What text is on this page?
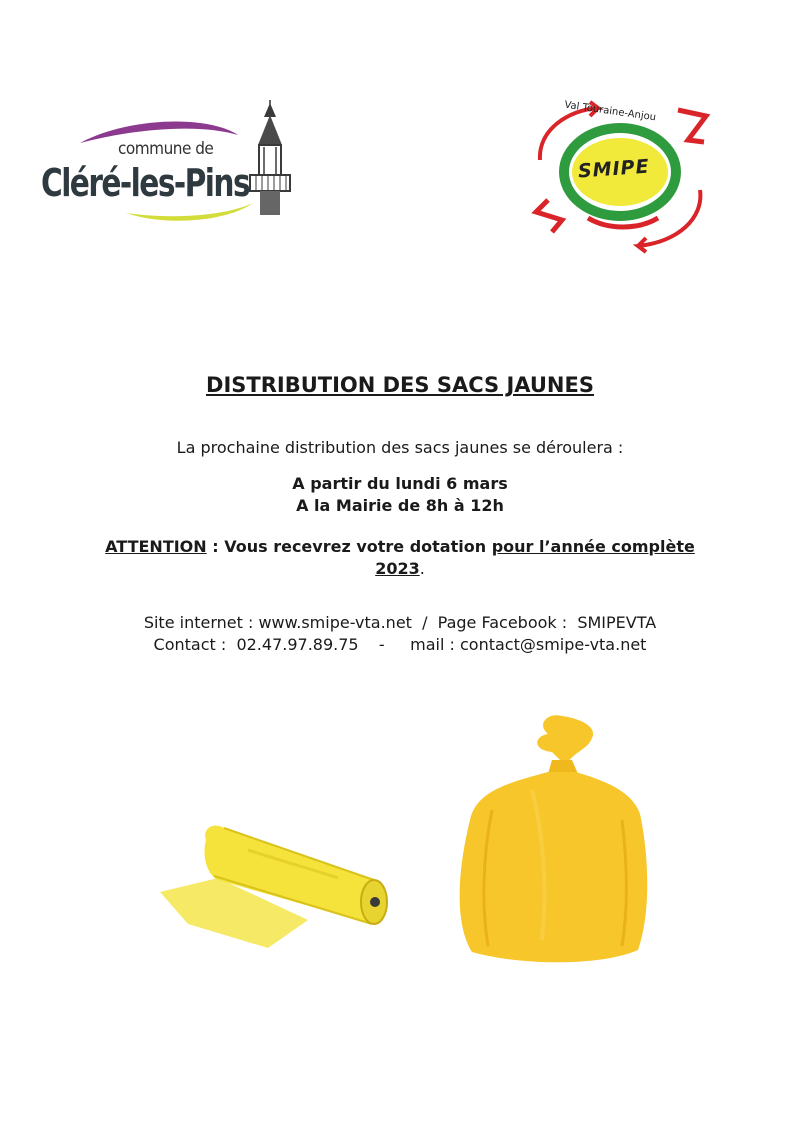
commune de
Cléré-les-Pins
Val Touraine-Anjou
SMIPE
DISTRIBUTION DES SACS JAUNES
La prochaine distribution des sacs jaunes se déroulera :
A partir du lundi 6 mars
A la Mairie de 8h à 12h
ATTENTION : Vous recevrez votre dotation pour l’année complète 2023.
Site internet : www.smipe-vta.net  /  Page Facebook :  SMIPEVTA
Contact :  02.47.97.89.75    -     mail : contact@smipe-vta.net
